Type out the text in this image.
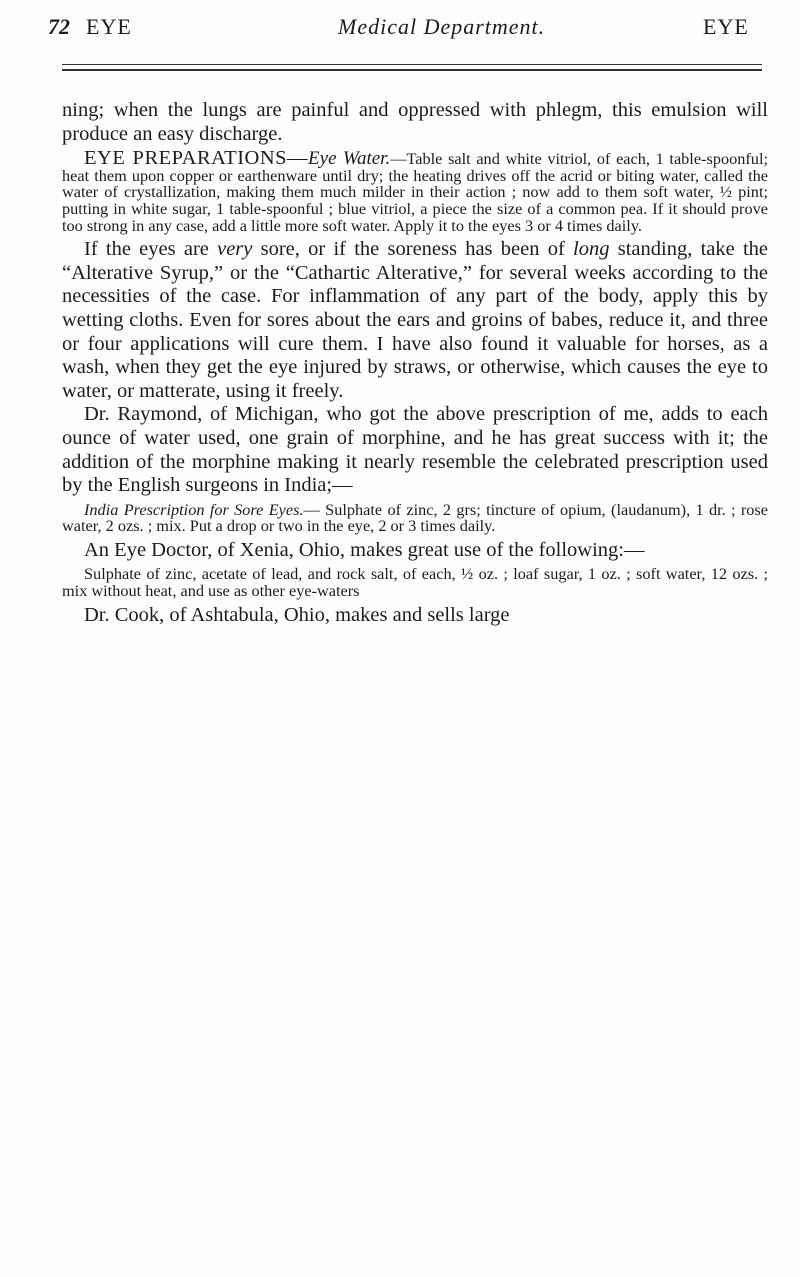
72 EYE	Medical Department.	EYE

ning; when the lungs are painful and oppressed with phlegm, this emulsion will produce an easy discharge.

EYE PREPARATIONS—Eye Water.—Table salt and white vitriol, of each, 1 table-spoonful; heat them upon copper or earthenware until dry; the heating drives off the acrid or biting water, called the water of crystallization, making them much milder in their action ; now add to them soft water, ½ pint; putting in white sugar, 1 table-spoonful ; blue vitriol, a piece the size of a common pea. If it should prove too strong in any case, add a little more soft water. Apply it to the eyes 3 or 4 times daily.

If the eyes are very sore, or if the soreness has been of long standing, take the “Alterative Syrup,” or the “Cathartic Alterative,” for several weeks according to the necessities of the case. For inflammation of any part of the body, apply this by wetting cloths. Even for sores about the ears and groins of babes, reduce it, and three or four applications will cure them. I have also found it valuable for horses, as a wash, when they get the eye injured by straws, or otherwise, which causes the eye to water, or matterate, using it freely.

Dr. Raymond, of Michigan, who got the above prescription of me, adds to each ounce of water used, one grain of morphine, and he has great success with it; the addition of the morphine making it nearly resemble the celebrated prescription used by the English surgeons in India;—

India Prescription for Sore Eyes.— Sulphate of zinc, 2 grs; tincture of opium, (laudanum), 1 dr. ; rose water, 2 ozs. ; mix. Put a drop or two in the eye, 2 or 3 times daily.

An Eye Doctor, of Xenia, Ohio, makes great use of the following:—

Sulphate of zinc, acetate of lead, and rock salt, of each, ½ oz. ; loaf sugar, 1 oz. ; soft water, 12 ozs. ; mix without heat, and use as other eye-waters

Dr. Cook, of Ashtabula, Ohio, makes and sells large
